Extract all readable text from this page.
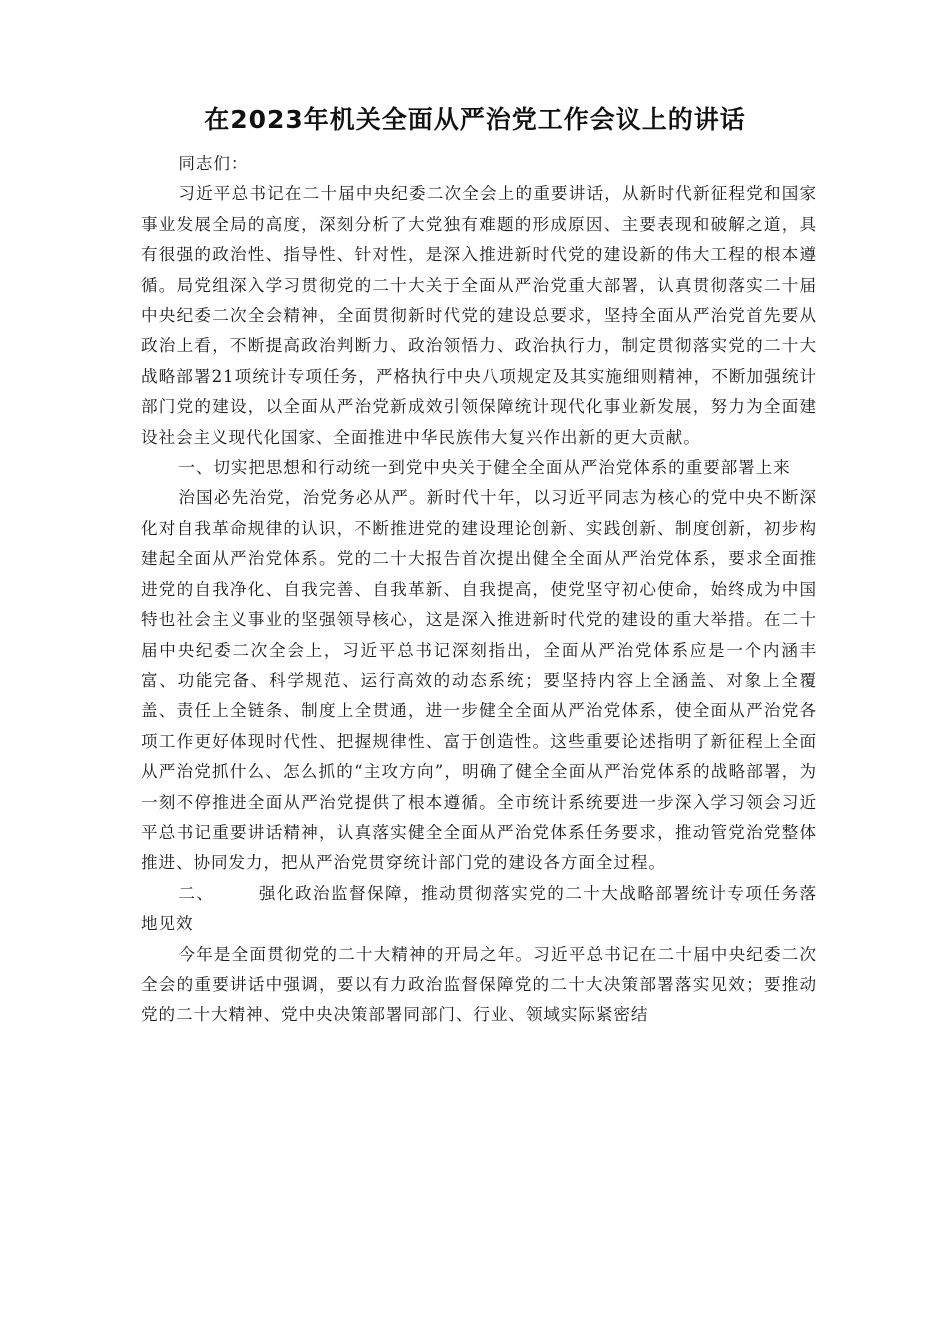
在2023年机关全面从严治党工作会议上的讲话

同志们：

习近平总书记在二十届中央纪委二次全会上的重要讲话，从新时代新征程党和国家事业发展全局的高度，深刻分析了大党独有难题的形成原因、主要表现和破解之道，具有很强的政治性、指导性、针对性，是深入推进新时代党的建设新的伟大工程的根本遵循。局党组深入学习贯彻党的二十大关于全面从严治党重大部署，认真贯彻落实二十届中央纪委二次全会精神，全面贯彻新时代党的建设总要求，坚持全面从严治党首先要从政治上看，不断提高政治判断力、政治领悟力、政治执行力，制定贯彻落实党的二十大战略部署21项统计专项任务，严格执行中央八项规定及其实施细则精神，不断加强统计部门党的建设，以全面从严治党新成效引领保障统计现代化事业新发展，努力为全面建设社会主义现代化国家、全面推进中华民族伟大复兴作出新的更大贡献。

一、切实把思想和行动统一到党中央关于健全全面从严治党体系的重要部署上来

治国必先治党，治党务必从严。新时代十年，以习近平同志为核心的党中央不断深化对自我革命规律的认识，不断推进党的建设理论创新、实践创新、制度创新，初步构建起全面从严治党体系。党的二十大报告首次提出健全全面从严治党体系，要求全面推进党的自我净化、自我完善、自我革新、自我提高，使党坚守初心使命，始终成为中国特也社会主义事业的坚强领导核心，这是深入推进新时代党的建设的重大举措。在二十届中央纪委二次全会上，习近平总书记深刻指出，全面从严治党体系应是一个内涵丰富、功能完备、科学规范、运行高效的动态系统；要坚持内容上全涵盖、对象上全覆盖、责任上全链条、制度上全贯通，进一步健全全面从严治党体系，使全面从严治党各项工作更好体现时代性、把握规律性、富于创造性。这些重要论述指明了新征程上全面从严治党抓什么、怎么抓的“主攻方向”，明确了健全全面从严治党体系的战略部署，为一刻不停推进全面从严治党提供了根本遵循。全市统计系统要进一步深入学习领会习近平总书记重要讲话精神，认真落实健全全面从严治党体系任务要求，推动管党治党整体推进、协同发力，把从严治党贯穿统计部门党的建设各方面全过程。

二、	强化政治监督保障，推动贯彻落实党的二十大战略部署统计专项任务落地见效

今年是全面贯彻党的二十大精神的开局之年。习近平总书记在二十届中央纪委二次全会的重要讲话中强调，要以有力政治监督保障党的二十大决策部署落实见效；要推动党的二十大精神、党中央决策部署同部门、行业、领域实际紧密结
